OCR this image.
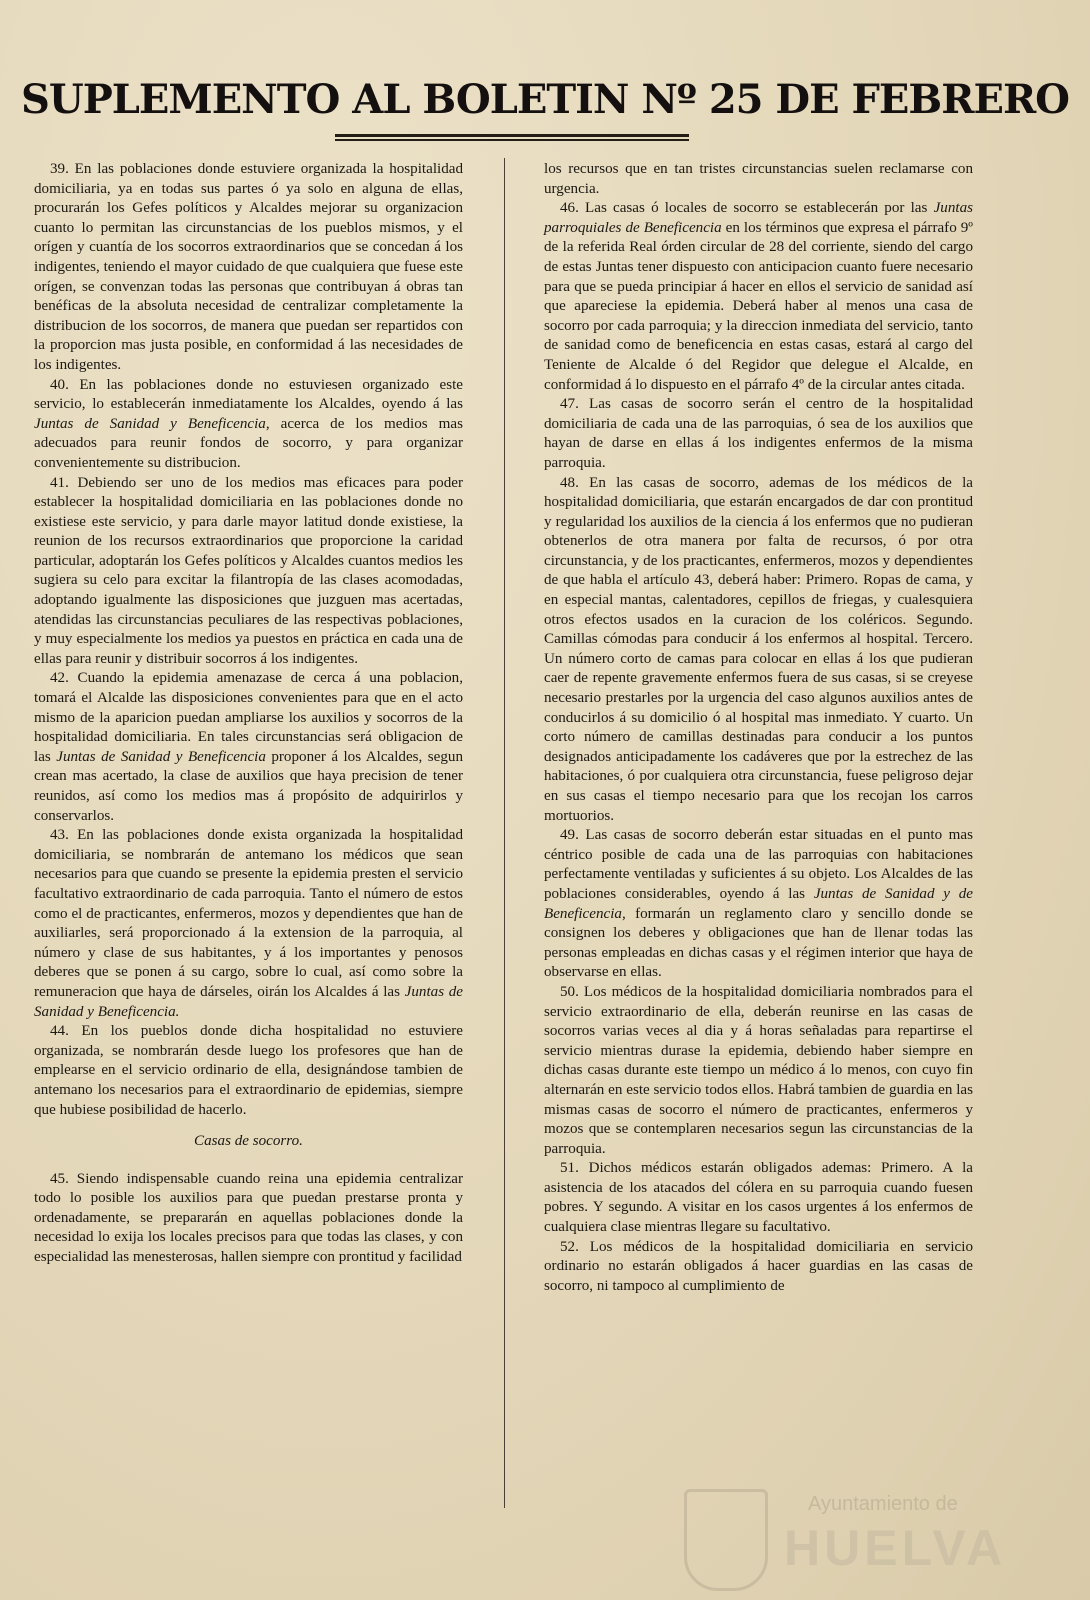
SUPLEMENTO AL BOLETIN Nº 25 DE FEBRERO

39. En las poblaciones donde estuviere organizada la hospitalidad domiciliaria, ya en todas sus partes ó ya solo en alguna de ellas, procurarán los Gefes políticos y Alcaldes mejorar su organizacion cuanto lo permitan las circunstancias de los pueblos mismos, y el orígen y cuantía de los socorros extraordinarios que se concedan á los indigentes, teniendo el mayor cuidado de que cualquiera que fuese este orígen, se convenzan todas las personas que contribuyan á obras tan benéficas de la absoluta necesidad de centralizar completamente la distribucion de los socorros, de manera que puedan ser repartidos con la proporcion mas justa posible, en conformidad á las necesidades de los indigentes.

40. En las poblaciones donde no estuviesen organizado este servicio, lo establecerán inmediatamente los Alcaldes, oyendo á las Juntas de Sanidad y Beneficencia, acerca de los medios mas adecuados para reunir fondos de socorro, y para organizar convenientemente su distribucion.

41. Debiendo ser uno de los medios mas eficaces para poder establecer la hospitalidad domiciliaria en las poblaciones donde no existiese este servicio, y para darle mayor latitud donde existiese, la reunion de los recursos extraordinarios que proporcione la caridad particular, adoptarán los Gefes políticos y Alcaldes cuantos medios les sugiera su celo para excitar la filantropía de las clases acomodadas, adoptando igualmente las disposiciones que juzguen mas acertadas, atendidas las circunstancias peculiares de las respectivas poblaciones, y muy especialmente los medios ya puestos en práctica en cada una de ellas para reunir y distribuir socorros á los indigentes.

42. Cuando la epidemia amenazase de cerca á una poblacion, tomará el Alcalde las disposiciones convenientes para que en el acto mismo de la aparicion puedan ampliarse los auxilios y socorros de la hospitalidad domiciliaria. En tales circunstancias será obligacion de las Juntas de Sanidad y Beneficencia proponer á los Alcaldes, segun crean mas acertado, la clase de auxilios que haya precision de tener reunidos, así como los medios mas á propósito de adquirirlos y conservarlos.

43. En las poblaciones donde exista organizada la hospitalidad domiciliaria, se nombrarán de antemano los médicos que sean necesarios para que cuando se presente la epidemia presten el servicio facultativo extraordinario de cada parroquia. Tanto el número de estos como el de practicantes, enfermeros, mozos y dependientes que han de auxiliarles, será proporcionado á la extension de la parroquia, al número y clase de sus habitantes, y á los importantes y penosos deberes que se ponen á su cargo, sobre lo cual, así como sobre la remuneracion que haya de dárseles, oirán los Alcaldes á las Juntas de Sanidad y Beneficencia.

44. En los pueblos donde dicha hospitalidad no estuviere organizada, se nombrarán desde luego los profesores que han de emplearse en el servicio ordinario de ella, designándose tambien de antemano los necesarios para el extraordinario de epidemias, siempre que hubiese posibilidad de hacerlo.

Casas de socorro.

45. Siendo indispensable cuando reina una epidemia centralizar todo lo posible los auxilios para que puedan prestarse pronta y ordenadamente, se prepararán en aquellas poblaciones donde la necesidad lo exija los locales precisos para que todas las clases, y con especialidad las menesterosas, hallen siempre con prontitud y facilidad

los recursos que en tan tristes circunstancias suelen reclamarse con urgencia.

46. Las casas ó locales de socorro se establecerán por las Juntas parroquiales de Beneficencia en los términos que expresa el párrafo 9º de la referida Real órden circular de 28 del corriente, siendo del cargo de estas Juntas tener dispuesto con anticipacion cuanto fuere necesario para que se pueda principiar á hacer en ellos el servicio de sanidad así que apareciese la epidemia. Deberá haber al menos una casa de socorro por cada parroquia; y la direccion inmediata del servicio, tanto de sanidad como de beneficencia en estas casas, estará al cargo del Teniente de Alcalde ó del Regidor que delegue el Alcalde, en conformidad á lo dispuesto en el párrafo 4º de la circular antes citada.

47. Las casas de socorro serán el centro de la hospitalidad domiciliaria de cada una de las parroquias, ó sea de los auxilios que hayan de darse en ellas á los indigentes enfermos de la misma parroquia.

48. En las casas de socorro, ademas de los médicos de la hospitalidad domiciliaria, que estarán encargados de dar con prontitud y regularidad los auxilios de la ciencia á los enfermos que no pudieran obtenerlos de otra manera por falta de recursos, ó por otra circunstancia, y de los practicantes, enfermeros, mozos y dependientes de que habla el artículo 43, deberá haber: Primero. Ropas de cama, y en especial mantas, calentadores, cepillos de friegas, y cualesquiera otros efectos usados en la curacion de los coléricos. Segundo. Camillas cómodas para conducir á los enfermos al hospital. Tercero. Un número corto de camas para colocar en ellas á los que pudieran caer de repente gravemente enfermos fuera de sus casas, si se creyese necesario prestarles por la urgencia del caso algunos auxilios antes de conducirlos á su domicilio ó al hospital mas inmediato. Y cuarto. Un corto número de camillas destinadas para conducir a los puntos designados anticipadamente los cadáveres que por la estrechez de las habitaciones, ó por cualquiera otra circunstancia, fuese peligroso dejar en sus casas el tiempo necesario para que los recojan los carros mortuorios.

49. Las casas de socorro deberán estar situadas en el punto mas céntrico posible de cada una de las parroquias con habitaciones perfectamente ventiladas y suficientes á su objeto. Los Alcaldes de las poblaciones considerables, oyendo á las Juntas de Sanidad y de Beneficencia, formarán un reglamento claro y sencillo donde se consignen los deberes y obligaciones que han de llenar todas las personas empleadas en dichas casas y el régimen interior que haya de observarse en ellas.

50. Los médicos de la hospitalidad domiciliaria nombrados para el servicio extraordinario de ella, deberán reunirse en las casas de socorros varias veces al dia y á horas señaladas para repartirse el servicio mientras durase la epidemia, debiendo haber siempre en dichas casas durante este tiempo un médico á lo menos, con cuyo fin alternarán en este servicio todos ellos. Habrá tambien de guardia en las mismas casas de socorro el número de practicantes, enfermeros y mozos que se contemplaren necesarios segun las circunstancias de la parroquia.

51. Dichos médicos estarán obligados ademas: Primero. A la asistencia de los atacados del cólera en su parroquia cuando fuesen pobres. Y segundo. A visitar en los casos urgentes á los enfermos de cualquiera clase mientras llegare su facultativo.

52. Los médicos de la hospitalidad domiciliaria en servicio ordinario no estarán obligados á hacer guardias en las casas de socorro, ni tampoco al cumplimiento de

Ayuntamiento de
HUELVA
